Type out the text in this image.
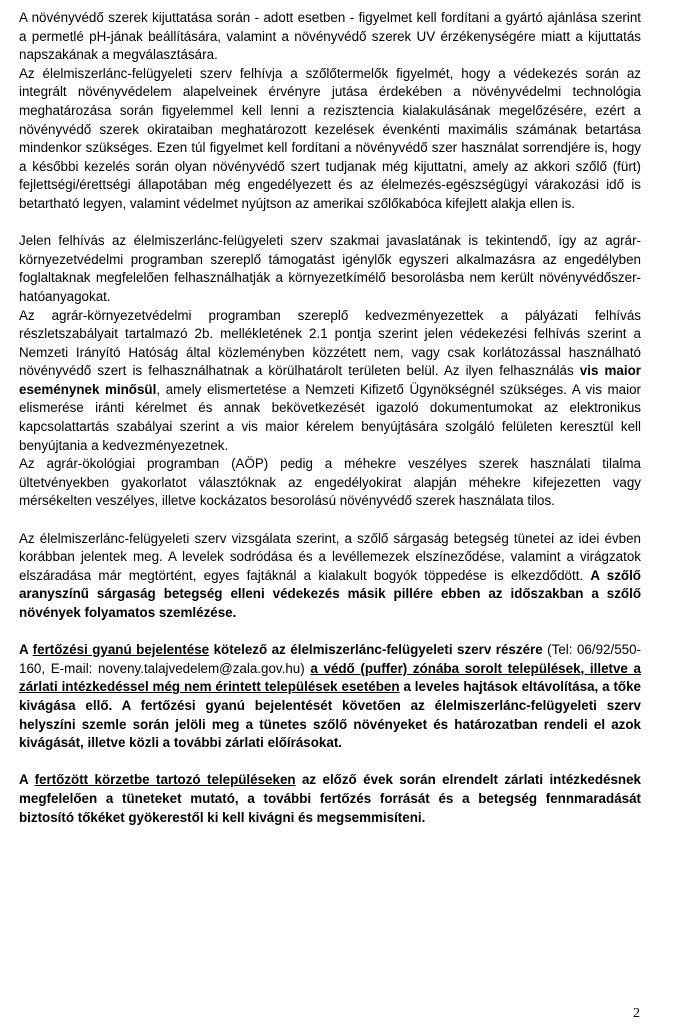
A növényvédő szerek kijuttatása során - adott esetben - figyelmet kell fordítani a gyártó ajánlása szerint a permetlé pH-jának beállítására, valamint a növényvédő szerek UV érzékenységére miatt a kijuttatás napszakának a megválasztására.

Az élelmiszerlánc-felügyeleti szerv felhívja a szőlőtermelők figyelmét, hogy a védekezés során az integrált növényvédelem alapelveinek érvényre jutása érdekében a növényvédelmi technológia meghatározása során figyelemmel kell lenni a rezisztencia kialakulásának megelőzésére, ezért a növényvédő szerek okirataiban meghatározott kezelések évenkénti maximális számának betartása mindenkor szükséges. Ezen túl figyelmet kell fordítani a növényvédő szer használat sorrendjére is, hogy a későbbi kezelés során olyan növényvédő szert tudjanak még kijuttatni, amely az akkori szőlő (fürt) fejlettségi/érettségi állapotában még engedélyezett és az élelmezés-egészségügyi várakozási idő is betartható legyen, valamint védelmet nyújtson az amerikai szőlőkabóca kifejlett alakja ellen is.

Jelen felhívás az élelmiszerlánc-felügyeleti szerv szakmai javaslatának is tekintendő, így az agrár-környezetvédelmi programban szereplő támogatást igénylők egyszeri alkalmazásra az engedélyben foglaltaknak megfelelően felhasználhatják a környezetkímélő besorolásba nem került növényvédőszer-hatóanyagokat.

Az agrár-környezetvédelmi programban szereplő kedvezményezettek a pályázati felhívás részletszabályait tartalmazó 2b. mellékletének 2.1 pontja szerint jelen védekezési felhívás szerint a Nemzeti Irányító Hatóság által közleményben közzétett nem, vagy csak korlátozással használható növényvédő szert is felhasználhatnak a körülhatárolt területen belül. Az ilyen felhasználás vis maior eseménynek minősül, amely elismertetése a Nemzeti Kifizető Ügynökségnél szükséges. A vis maior elismerése iránti kérelmet és annak bekövetkezését igazoló dokumentumokat az elektronikus kapcsolattartás szabályai szerint a vis maior kérelem benyújtására szolgáló felületen keresztül kell benyújtania a kedvezményezetnek.

Az agrár-ökológiai programban (AÖP) pedig a méhekre veszélyes szerek használati tilalma ültetvényekben gyakorlatot választóknak az engedélyokirat alapján méhekre kifejezetten vagy mérsékelten veszélyes, illetve kockázatos besorolású növényvédő szerek használata tilos.

Az élelmiszerlánc-felügyeleti szerv vizsgálata szerint, a szőlő sárgaság betegség tünetei az idei évben korábban jelentek meg. A levelek sodródása és a levéllemezek elszíneződése, valamint a virágzatok elszáradása már megtörtént, egyes fajtáknál a kialakult bogyók töppedése is elkezdődött. A szőlő aranyszínű sárgaság betegség elleni védekezés másik pillére ebben az időszakban a szőlő növények folyamatos szemlézése.

A fertőzési gyanú bejelentése kötelező az élelmiszerlánc-felügyeleti szerv részére (Tel: 06/92/550-160, E-mail: noveny.talajvedelem@zala.gov.hu) a védő (puffer) zónába sorolt települések, illetve a zárlati intézkedéssel még nem érintett települések esetében a leveles hajtások eltávolítása, a tőke kivágása ellő. A fertőzési gyanú bejelentését követően az élelmiszerlánc-felügyeleti szerv helyszíni szemle során jelöli meg a tünetes szőlő növényeket és határozatban rendeli el azok kivágását, illetve közli a további zárlati előírásokat.

A fertőzött körzetbe tartozó településeken az előző évek során elrendelt zárlati intézkedésnek megfelelően a tüneteket mutató, a további fertőzés forrását és a betegség fennmaradását biztosító tőkéket gyökerestől ki kell kivágni és megsemmisíteni.

2
